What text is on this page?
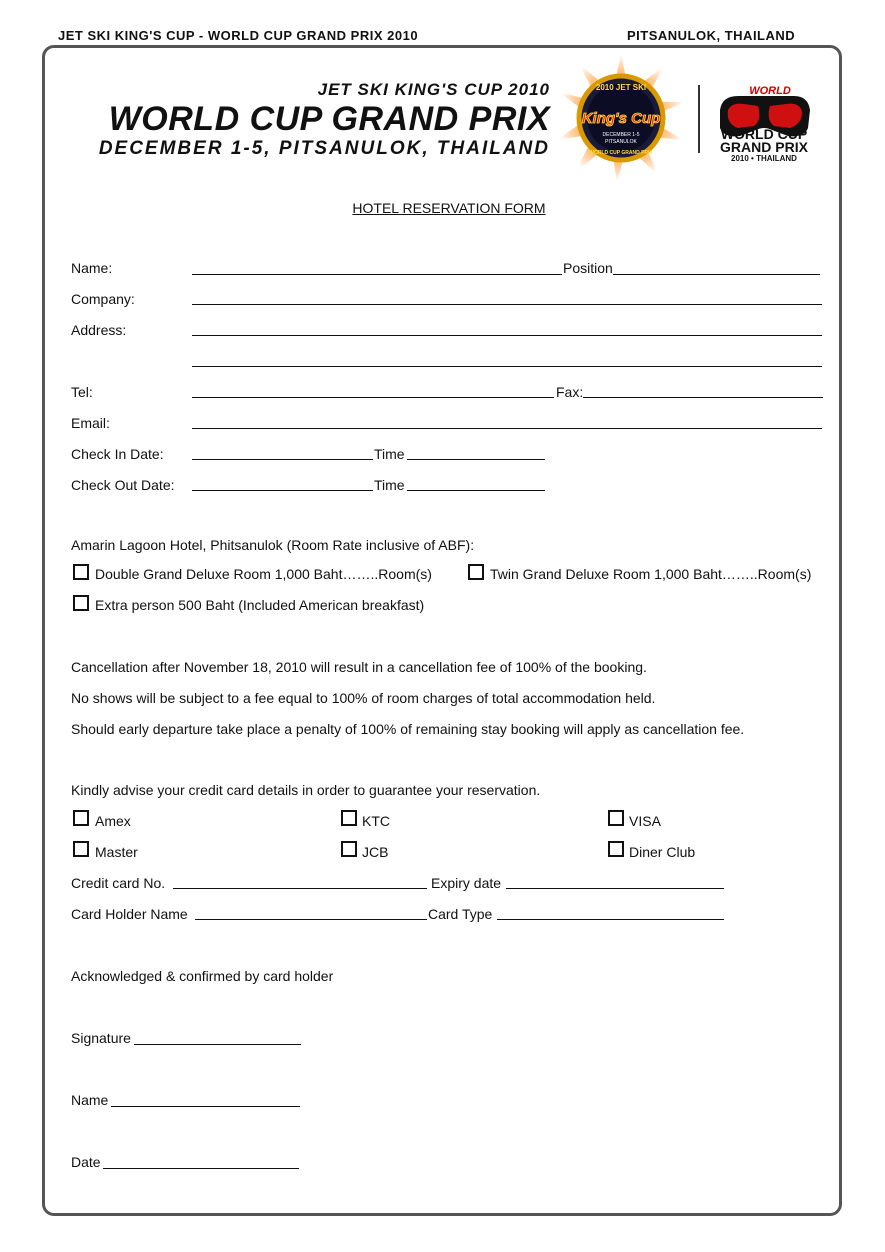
JET SKI KING'S CUP - WORLD CUP GRAND PRIX 2010	PITSANULOK, THAILAND
JET SKI KING'S CUP 2010
WORLD CUP GRAND PRIX
DECEMBER 1-5, PITSANULOK, THAILAND
2010 JET SKI
King's Cup
DECEMBER 1-5
PITSANULOK
WORLD CUP GRAND PRIX
WORLD
WORLD CUP
GRAND PRIX
2010 • THAILAND
HOTEL RESERVATION FORM
Name:	Position
Company:
Address:
Tel:	Fax:
Email:
Check In Date:	Time
Check Out Date:	Time
Amarin Lagoon Hotel, Phitsanulok (Room Rate inclusive of ABF):
Double Grand Deluxe Room 1,000 Baht……..Room(s)	Twin Grand Deluxe Room 1,000 Baht……..Room(s)
Extra person 500 Baht (Included American breakfast)
Cancellation after November 18, 2010 will result in a cancellation fee of 100% of the booking.
No shows will be subject to a fee equal to 100% of room charges of total accommodation held.
Should early departure take place a penalty of 100% of remaining stay booking will apply as cancellation fee.
Kindly advise your credit card details in order to guarantee your reservation.
Amex	KTC	VISA
Master	JCB	Diner Club
Credit card No.	Expiry date
Card Holder Name	Card Type
Acknowledged & confirmed by card holder
Signature
Name
Date
